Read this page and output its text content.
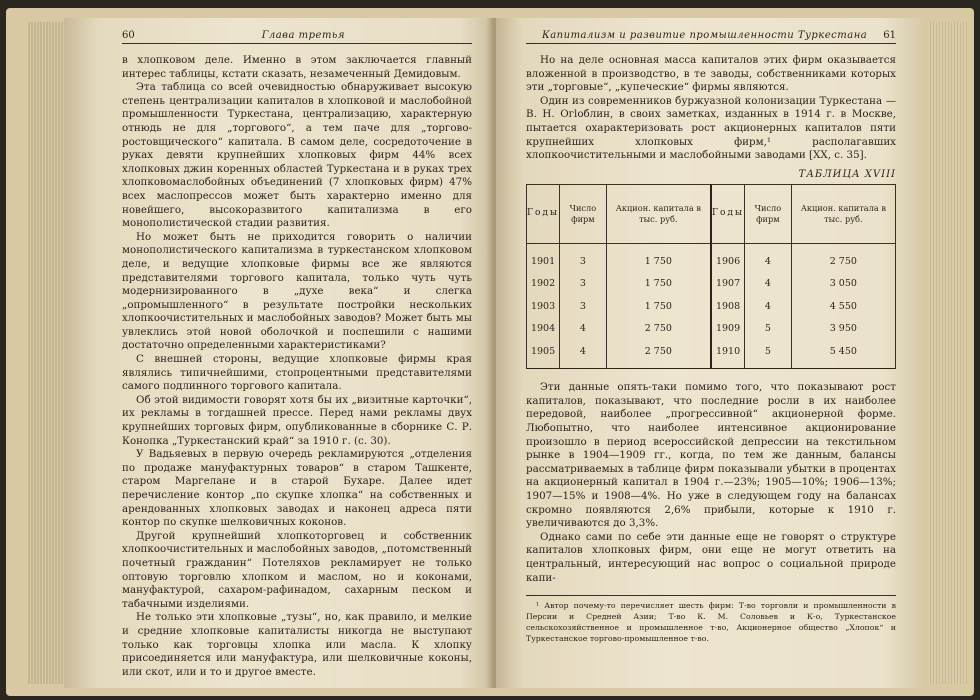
60	Глава третья

в хлопковом деле. Именно в этом заключается главный интерес таблицы, кстати сказать, незамеченный Демидовым.

Эта таблица со всей очевидностью обнаруживает высокую степень централизации капиталов в хлопковой и маслобойной промышленности Туркестана, централизацию, характерную отнюдь не для „торгового“, а тем паче для „торгово-ростовщического“ капитала. В самом деле, сосредоточение в руках девяти крупнейших хлопковых фирм 44% всех хлопковых джин коренных областей Туркестана и в руках трех хлопковомаслобойных объединений (7 хлопковых фирм) 47% всех маслопрессов может быть характерно именно для новейшего, высокоразвитого капитализма в его монополистической стадии развития.

Но может быть не приходится говорить о наличии монополистического капитализма в туркестанском хлопковом деле, и ведущие хлопковые фирмы все же являются представителями торгового капитала, только чуть чуть модернизированного в „духе века“ и слегка „опромышленного“ в результате постройки нескольких хлопкоочистительных и маслобойных заводов? Может быть мы увлеклись этой новой оболочкой и поспешили с нашими достаточно определенными характеристиками?

С внешней стороны, ведущие хлопковые фирмы края являлись типичнейшими, стопроцентными представителями самого подлинного торгового капитала.

Об этой видимости говорят хотя бы их „визитные карточки“, их рекламы в тогдашней прессе. Перед нами рекламы двух крупнейших торговых фирм, опубликованные в сборнике С. Р. Конопка „Туркестанский край“ за 1910 г. (с. 30).

У Вадьяевых в первую очередь рекламируются „отделения по продаже мануфактурных товаров“ в старом Ташкенте, старом Маргелане и в старой Бухаре. Далее идет перечисление контор „по скупке хлопка“ на собственных и арендованных хлопковых заводах и наконец адреса пяти контор по скупке шелковичных коконов.

Другой крупнейший хлопкоторговец и собственник хлопкоочистительных и маслобойных заводов, „потомственный почетный гражданин“ Потеляхов рекламирует не только оптовую торговлю хлопком и маслом, но и коконами, мануфактурой, сахаром-рафинадом, сахарным песком и табачными изделиями.

Не только эти хлопковые „тузы“, но, как правило, и мелкие и средние хлопковые капиталисты никогда не выступают только как торговцы хлопка или масла. К хлопку присоединяется или мануфактура, или шелковичные коконы, или скот, или и то и другое вместе.

Капитализм и развитие промышленности Туркестана 61

Но на деле основная масса капиталов этих фирм оказывается вложенной в производство, в те заводы, собственниками которых эти „торговые“, „купеческие“ фирмы являются.

Один из современников буржуазной колонизации Туркестана — В. Н. Огloблин, в своих заметках, изданных в 1914 г. в Москве, пытается охарактеризовать рост акционерных капиталов пяти крупнейших хлопковых фирм,¹ располагавших хлопкоочистительными и маслобойными заводами [XX, с. 35].

ТАБЛИЦА XVIII
Годы	Число фирм	Акцион. капитала в тыс. руб.	Годы	Число фирм	Акцион. капитала в тыс. руб.
1901	3	1 750	1906	4	2 750
1902	3	1 750	1907	4	3 050
1903	3	1 750	1908	4	4 550
1904	4	2 750	1909	5	3 950
1905	4	2 750	1910	5	5 450

Эти данные опять-таки помимо того, что показывают рост капиталов, показывают, что последние росли в их наиболее передовой, наиболее „прогрессивной“ акционерной форме. Любопытно, что наиболее интенсивное акционирование произошло в период всероссийской депрессии на текстильном рынке в 1904—1909 гг., когда, по тем же данным, балансы рассматриваемых в таблице фирм показывали убытки в процентах на акционерный капитал в 1904 г.—23%; 1905—10%; 1906—13%; 1907—15% и 1908—4%. Но уже в следующем году на балансах скромно появляются 2,6% прибыли, которые к 1910 г. увеличиваются до 3,3%.

Однако сами по себе эти данные еще не говорят о структуре капиталов хлопковых фирм, они еще не могут ответить на центральный, интересующий нас вопрос о социальной природе капи-

¹ Автор почему-то перечисляет шесть фирм: Т-во торговли и промышленности в Персии и Средней Азии; Т-во К. М. Соловьев и К-о, Туркестанское сельскохозяйственное и промышленное т-во, Акционерное общество „Хлопок“ и Туркестанское торгово-промышленное т-во.
